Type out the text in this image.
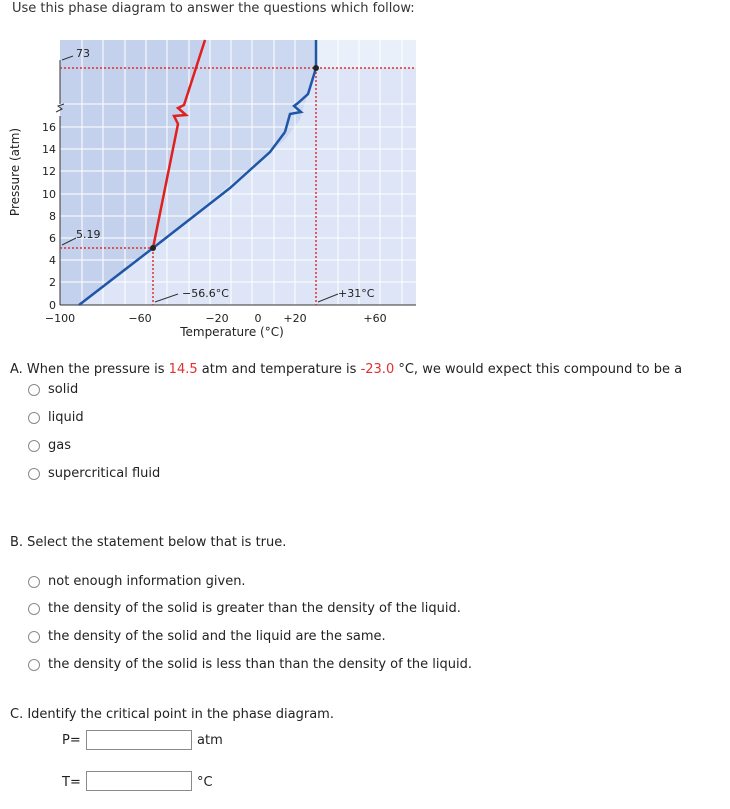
Use this phase diagram to answer the questions which follow:
Pressure (atm)
Temperature (°C)
0
2
4
6
8
10
12
14
16
−100	−60	−20 0 +20	+60
73
5.19
−56.6°C	+31°C
A. When the pressure is 14.5 atm and temperature is -23.0 °C, we would expect this compound to be a
solid
liquid
gas
supercritical fluid
B. Select the statement below that is true.
not enough information given.
the density of the solid is greater than the density of the liquid.
the density of the solid and the liquid are the same.
the density of the solid is less than than the density of the liquid.
C. Identify the critical point in the phase diagram.
P=	atm
T=	°C
